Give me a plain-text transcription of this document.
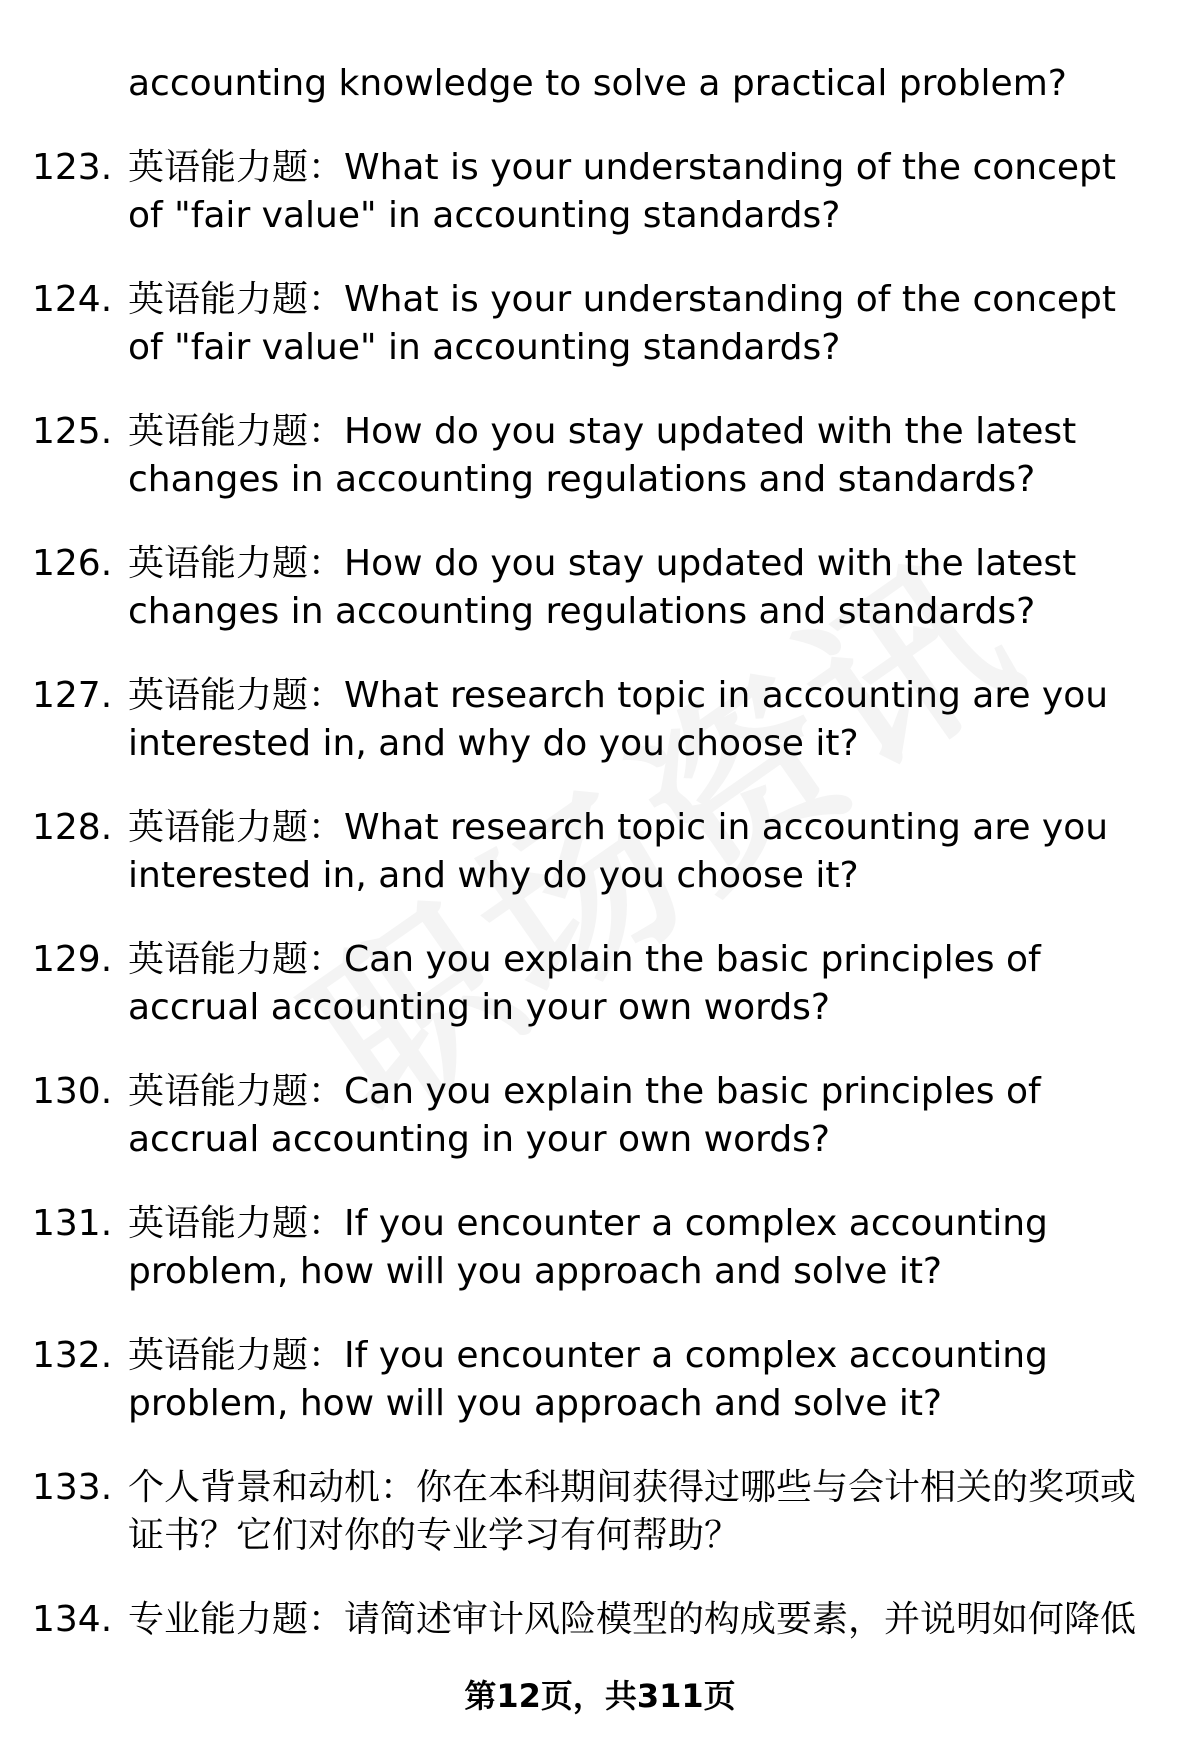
accounting knowledge to solve a practical problem?
123. 英语能力题：What is your understanding of the concept of "fair value" in accounting standards?
124. 英语能力题：What is your understanding of the concept of "fair value" in accounting standards?
125. 英语能力题：How do you stay updated with the latest changes in accounting regulations and standards?
126. 英语能力题：How do you stay updated with the latest changes in accounting regulations and standards?
127. 英语能力题：What research topic in accounting are you interested in, and why do you choose it?
128. 英语能力题：What research topic in accounting are you interested in, and why do you choose it?
129. 英语能力题：Can you explain the basic principles of accrual accounting in your own words?
130. 英语能力题：Can you explain the basic principles of accrual accounting in your own words?
131. 英语能力题：If you encounter a complex accounting problem, how will you approach and solve it?
132. 英语能力题：If you encounter a complex accounting problem, how will you approach and solve it?
133. 个人背景和动机：你在本科期间获得过哪些与会计相关的奖项或证书？它们对你的专业学习有何帮助？
134. 专业能力题：请简述审计风险模型的构成要素，并说明如何降低
第12页，共311页
